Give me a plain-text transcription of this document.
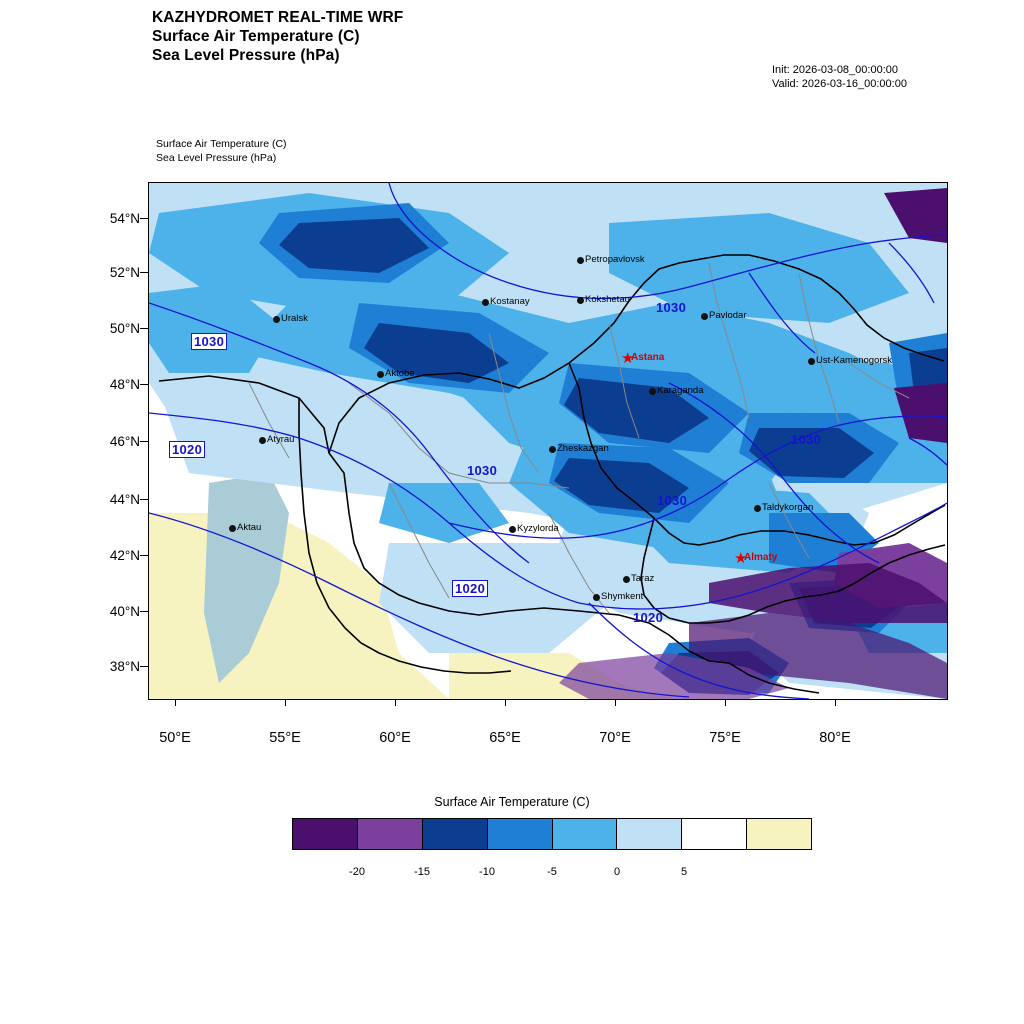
KAZHYDROMET REAL-TIME WRF
Surface Air Temperature (C)
Sea Level Pressure (hPa)
Init: 2026-03-08_00:00:00
Valid: 2026-03-16_00:00:00
Surface Air Temperature (C)
Sea Level Pressure (hPa)
54°N
52°N
50°N
48°N
46°N
44°N
42°N
40°N
38°N
50°E	55°E	60°E	65°E	70°E	75°E	80°E
1030
1030
1020
1030
1030
1030
1020
1020
Petropavlovsk
Kostanay	Kokshetau
Pavlodar
Uralsk
★
Astana
Aktobe
Karaganda
Ust-Kamenogorsk
Atyrau
Zheskazgan
Taldykorgan
Aktau	Kyzylorda
★
Almaty
Taraz
Shymkent
Surface Air Temperature (C)
-20	-15	-10	-5	0	5
